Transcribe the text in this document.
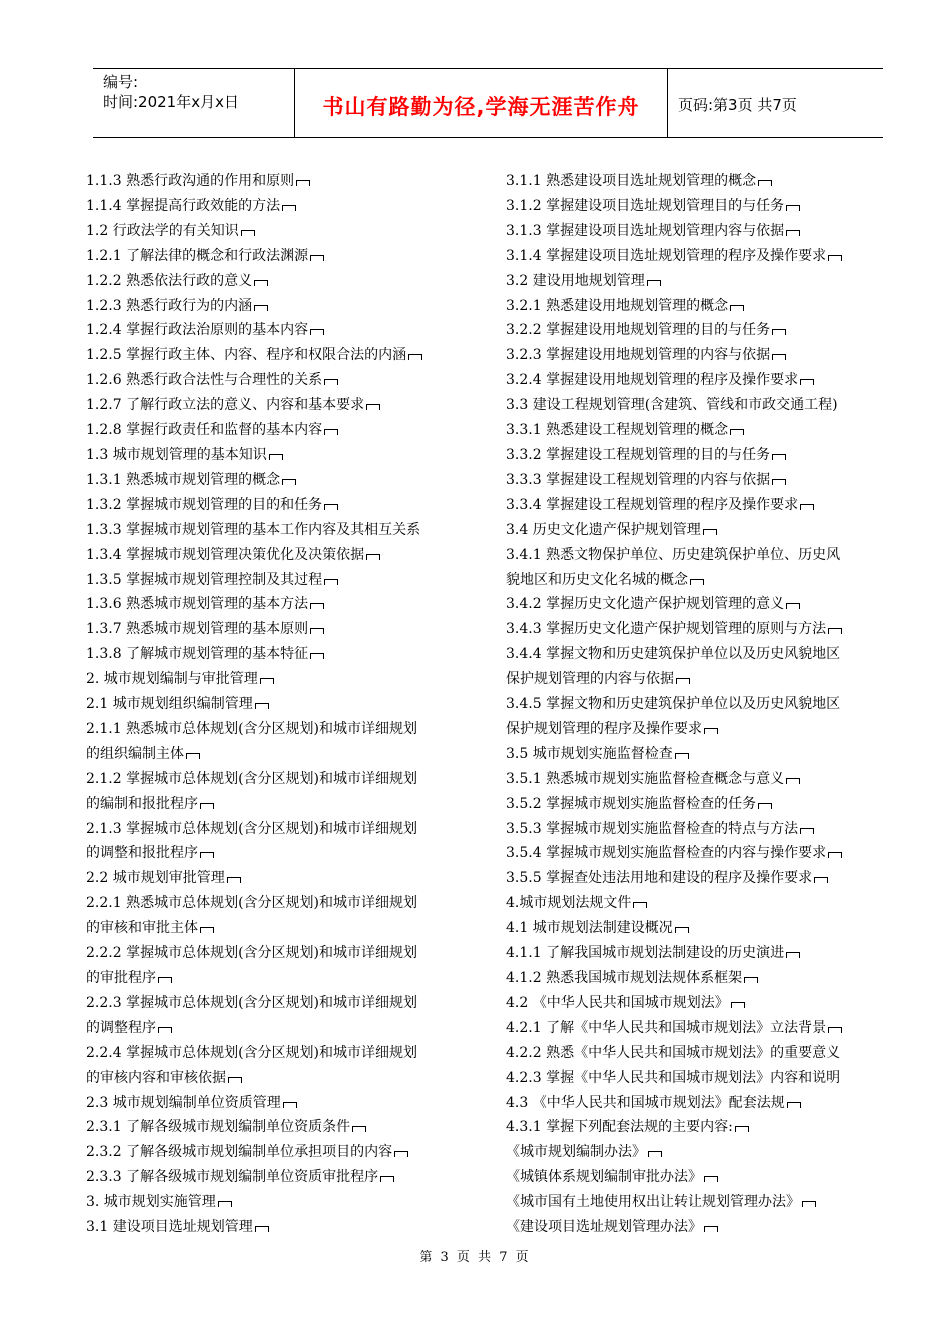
编号:
时间:2021年x月x日	书山有路勤为径,学海无涯苦作舟	页码:第3页 共7页
1.1.3 熟悉行政沟通的作用和原则
1.1.4 掌握提高行政效能的方法
1.2 行政法学的有关知识
1.2.1 了解法律的概念和行政法渊源
1.2.2 熟悉依法行政的意义
1.2.3 熟悉行政行为的内涵
1.2.4 掌握行政法治原则的基本内容
1.2.5 掌握行政主体、内容、程序和权限合法的内涵
1.2.6 熟悉行政合法性与合理性的关系
1.2.7 了解行政立法的意义、内容和基本要求
1.2.8 掌握行政责任和监督的基本内容
1.3 城市规划管理的基本知识
1.3.1 熟悉城市规划管理的概念
1.3.2 掌握城市规划管理的目的和任务
1.3.3 掌握城市规划管理的基本工作内容及其相互关系
1.3.4 掌握城市规划管理决策优化及决策依据
1.3.5 掌握城市规划管理控制及其过程
1.3.6 熟悉城市规划管理的基本方法
1.3.7 熟悉城市规划管理的基本原则
1.3.8 了解城市规划管理的基本特征
2. 城市规划编制与审批管理
2.1 城市规划组织编制管理
2.1.1 熟悉城市总体规划(含分区规划)和城市详细规划
的组织编制主体
2.1.2 掌握城市总体规划(含分区规划)和城市详细规划
的编制和报批程序
2.1.3 掌握城市总体规划(含分区规划)和城市详细规划
的调整和报批程序
2.2 城市规划审批管理
2.2.1 熟悉城市总体规划(含分区规划)和城市详细规划
的审核和审批主体
2.2.2 掌握城市总体规划(含分区规划)和城市详细规划
的审批程序
2.2.3 掌握城市总体规划(含分区规划)和城市详细规划
的调整程序
2.2.4 掌握城市总体规划(含分区规划)和城市详细规划
的审核内容和审核依据
2.3 城市规划编制单位资质管理
2.3.1 了解各级城市规划编制单位资质条件
2.3.2 了解各级城市规划编制单位承担项目的内容
2.3.3 了解各级城市规划编制单位资质审批程序
3. 城市规划实施管理
3.1 建设项目选址规划管理
3.1.1 熟悉建设项目选址规划管理的概念
3.1.2 掌握建设项目选址规划管理目的与任务
3.1.3 掌握建设项目选址规划管理内容与依据
3.1.4 掌握建设项目选址规划管理的程序及操作要求
3.2 建设用地规划管理
3.2.1 熟悉建设用地规划管理的概念
3.2.2 掌握建设用地规划管理的目的与任务
3.2.3 掌握建设用地规划管理的内容与依据
3.2.4 掌握建设用地规划管理的程序及操作要求
3.3 建设工程规划管理(含建筑、管线和市政交通工程)
3.3.1 熟悉建设工程规划管理的概念
3.3.2 掌握建设工程规划管理的目的与任务
3.3.3 掌握建设工程规划管理的内容与依据
3.3.4 掌握建设工程规划管理的程序及操作要求
3.4 历史文化遗产保护规划管理
3.4.1 熟悉文物保护单位、历史建筑保护单位、历史风
貌地区和历史文化名城的概念
3.4.2 掌握历史文化遗产保护规划管理的意义
3.4.3 掌握历史文化遗产保护规划管理的原则与方法
3.4.4 掌握文物和历史建筑保护单位以及历史风貌地区
保护规划管理的内容与依据
3.4.5 掌握文物和历史建筑保护单位以及历史风貌地区
保护规划管理的程序及操作要求
3.5 城市规划实施监督检查
3.5.1 熟悉城市规划实施监督检查概念与意义
3.5.2 掌握城市规划实施监督检查的任务
3.5.3 掌握城市规划实施监督检查的特点与方法
3.5.4 掌握城市规划实施监督检查的内容与操作要求
3.5.5 掌握查处违法用地和建设的程序及操作要求
4.城市规划法规文件
4.1 城市规划法制建设概况
4.1.1 了解我国城市规划法制建设的历史演进
4.1.2 熟悉我国城市规划法规体系框架
4.2 《中华人民共和国城市规划法》
4.2.1 了解《中华人民共和国城市规划法》立法背景
4.2.2 熟悉《中华人民共和国城市规划法》的重要意义
4.2.3 掌握《中华人民共和国城市规划法》内容和说明
4.3 《中华人民共和国城市规划法》配套法规
4.3.1 掌握下列配套法规的主要内容:
《城市规划编制办法》
《城镇体系规划编制审批办法》
《城市国有土地使用权出让转让规划管理办法》
《建设项目选址规划管理办法》
第 3 页 共 7 页
